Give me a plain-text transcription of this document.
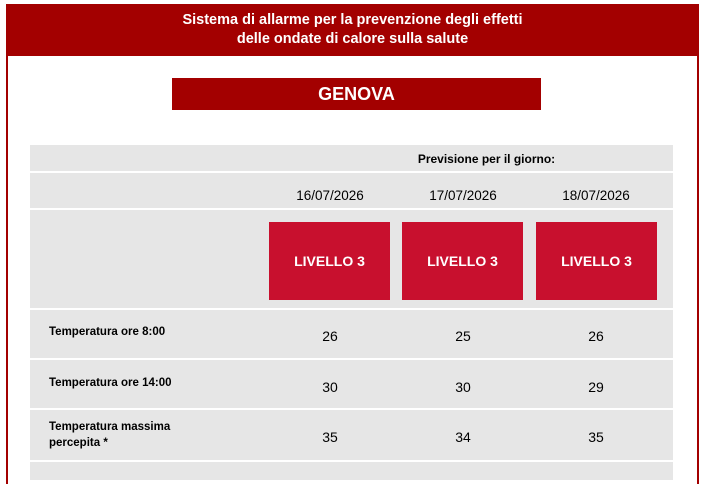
Sistema di allarme per la prevenzione degli effetti
delle ondate di calore sulla salute
GENOVA
Previsione per il giorno:
16/07/2026	17/07/2026	18/07/2026
LIVELLO 3	LIVELLO 3	LIVELLO 3
Temperatura ore 8:00	26	25	26
Temperatura ore 14:00	30	30	29
Temperatura massima
percepita *	35	34	35
